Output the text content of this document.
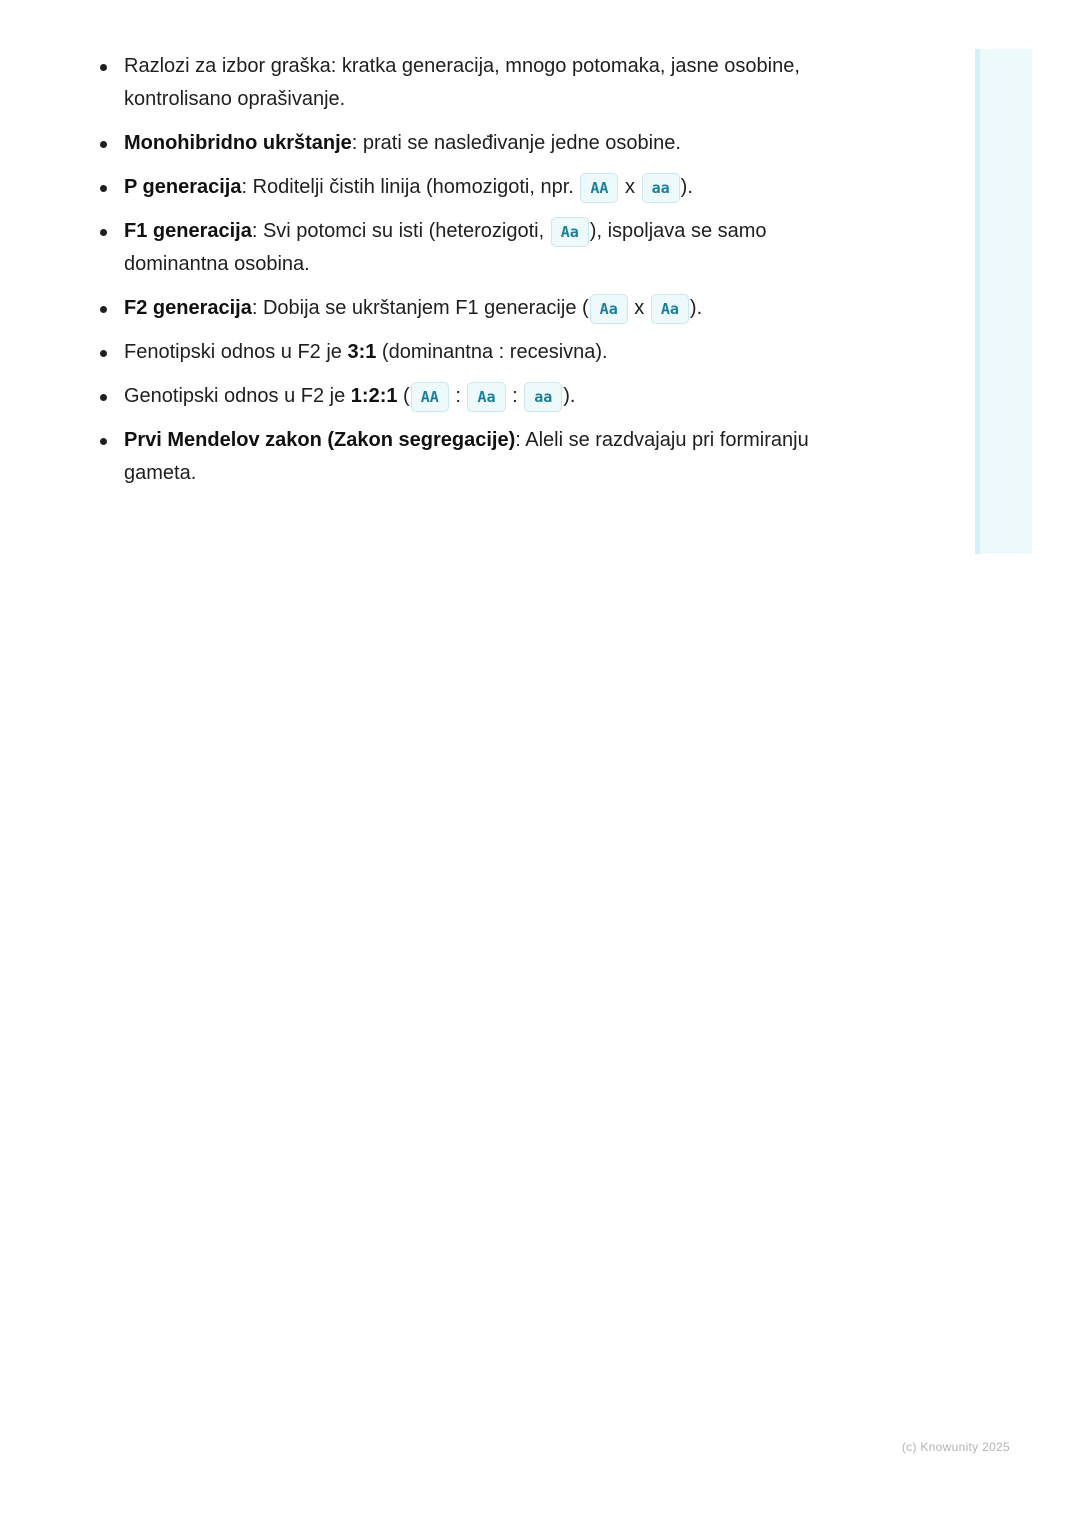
Razlozi za izbor graška: kratka generacija, mnogo potomaka, jasne osobine, kontrolisano oprašivanje.
Monohibridno ukrštanje: prati se nasleđivanje jedne osobine.
P generacija: Roditelji čistih linija (homozigoti, npr. AA x aa ).
F1 generacija: Svi potomci su isti (heterozigoti, Aa ), ispoljava se samo dominantna osobina.
F2 generacija: Dobija se ukrštanjem F1 generacije ( Aa x Aa ).
Fenotipski odnos u F2 je 3:1 (dominantna : recesivna).
Genotipski odnos u F2 je 1:2:1 ( AA : Aa : aa ).
Prvi Mendelov zakon (Zakon segregacije): Aleli se razdvajaju pri formiranju gameta.
(c) Knowunity 2025
